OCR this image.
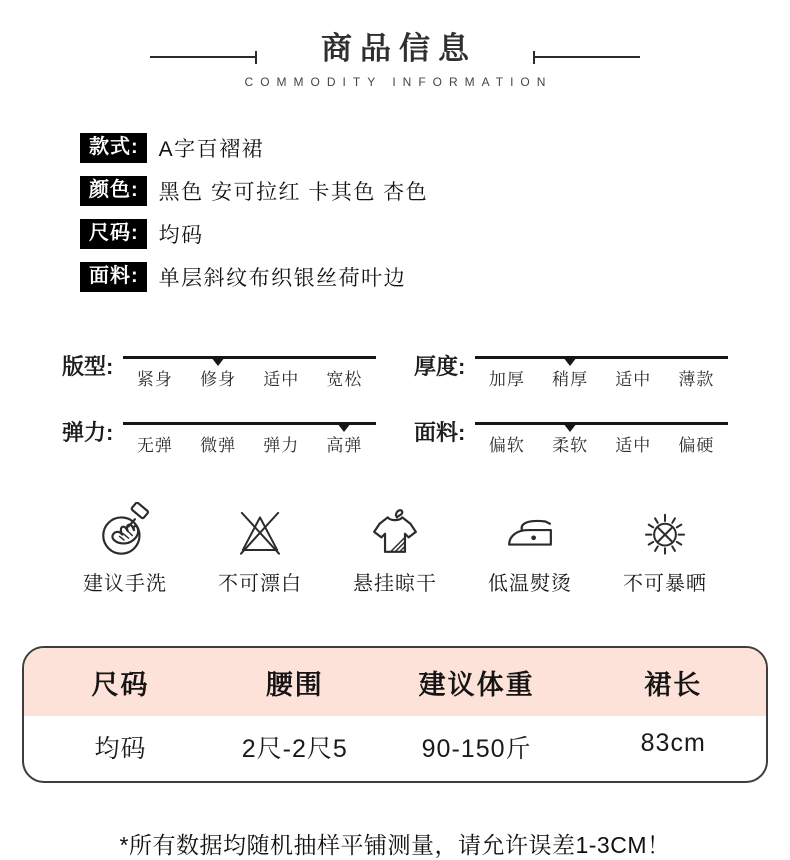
商品信息
COMMODITY INFORMATION
款式: A字百褶裙
颜色: 黑色 安可拉红 卡其色 杏色
尺码: 均码
面料: 单层斜纹布织银丝荷叶边
版型:
紧身	修身	适中	宽松
厚度:
加厚	稍厚	适中	薄款
弹力:
无弹	微弹	弹力	高弹
面料:
偏软	柔软	适中	偏硬
建议手洗	不可漂白	悬挂晾干	低温熨烫	不可暴晒
尺码	腰围	建议体重	裙长
均码	2尺-2尺5	90-150斤	83cm
*所有数据均随机抽样平铺测量，请允许误差1-3CM！
